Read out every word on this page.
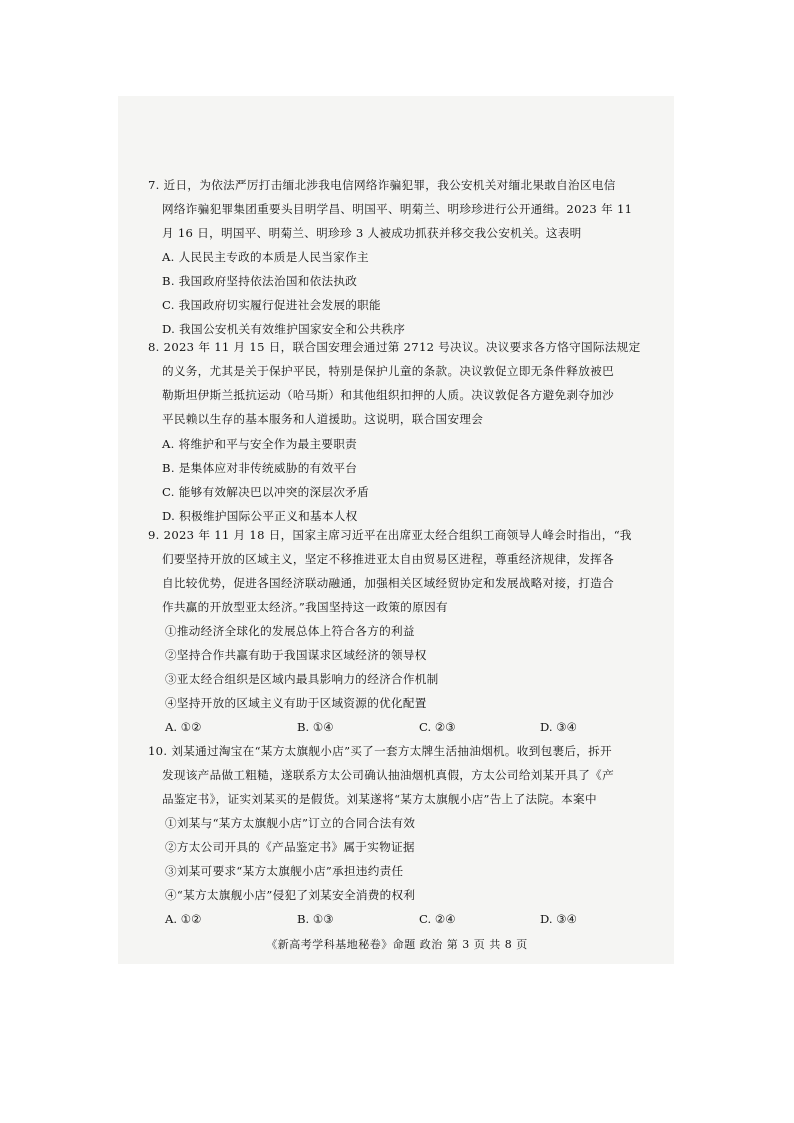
7. 近日，为依法严厉打击缅北涉我电信网络诈骗犯罪，我公安机关对缅北果敢自治区电信
网络诈骗犯罪集团重要头目明学昌、明国平、明菊兰、明珍珍进行公开通缉。2023 年 11
月 16 日，明国平、明菊兰、明珍珍 3 人被成功抓获并移交我公安机关。这表明
A. 人民民主专政的本质是人民当家作主
B. 我国政府坚持依法治国和依法执政
C. 我国政府切实履行促进社会发展的职能
D. 我国公安机关有效维护国家安全和公共秩序
8. 2023 年 11 月 15 日，联合国安理会通过第 2712 号决议。决议要求各方恪守国际法规定
的义务，尤其是关于保护平民，特别是保护儿童的条款。决议敦促立即无条件释放被巴
勒斯坦伊斯兰抵抗运动（哈马斯）和其他组织扣押的人质。决议敦促各方避免剥夺加沙
平民赖以生存的基本服务和人道援助。这说明，联合国安理会
A. 将维护和平与安全作为最主要职责
B. 是集体应对非传统威胁的有效平台
C. 能够有效解决巴以冲突的深层次矛盾
D. 积极维护国际公平正义和基本人权
9. 2023 年 11 月 18 日，国家主席习近平在出席亚太经合组织工商领导人峰会时指出，“我
们要坚持开放的区域主义，坚定不移推进亚太自由贸易区进程，尊重经济规律，发挥各
自比较优势，促进各国经济联动融通，加强相关区域经贸协定和发展战略对接，打造合
作共赢的开放型亚太经济。”我国坚持这一政策的原因有
①推动经济全球化的发展总体上符合各方的利益
②坚持合作共赢有助于我国谋求区域经济的领导权
③亚太经合组织是区域内最具影响力的经济合作机制
④坚持开放的区域主义有助于区域资源的优化配置
A. ①②	B. ①④	C. ②③	D. ③④
10. 刘某通过淘宝在“某方太旗舰小店”买了一套方太牌生活抽油烟机。收到包裹后，拆开
发现该产品做工粗糙，遂联系方太公司确认抽油烟机真假，方太公司给刘某开具了《产
品鉴定书》，证实刘某买的是假货。刘某遂将“某方太旗舰小店”告上了法院。本案中
①刘某与“某方太旗舰小店”订立的合同合法有效
②方太公司开具的《产品鉴定书》属于实物证据
③刘某可要求“某方太旗舰小店”承担违约责任
④“某方太旗舰小店”侵犯了刘某安全消费的权利
A. ①②	B. ①③	C. ②④	D. ③④
《新高考学科基地秘卷》命题 政治 第 3 页 共 8 页
